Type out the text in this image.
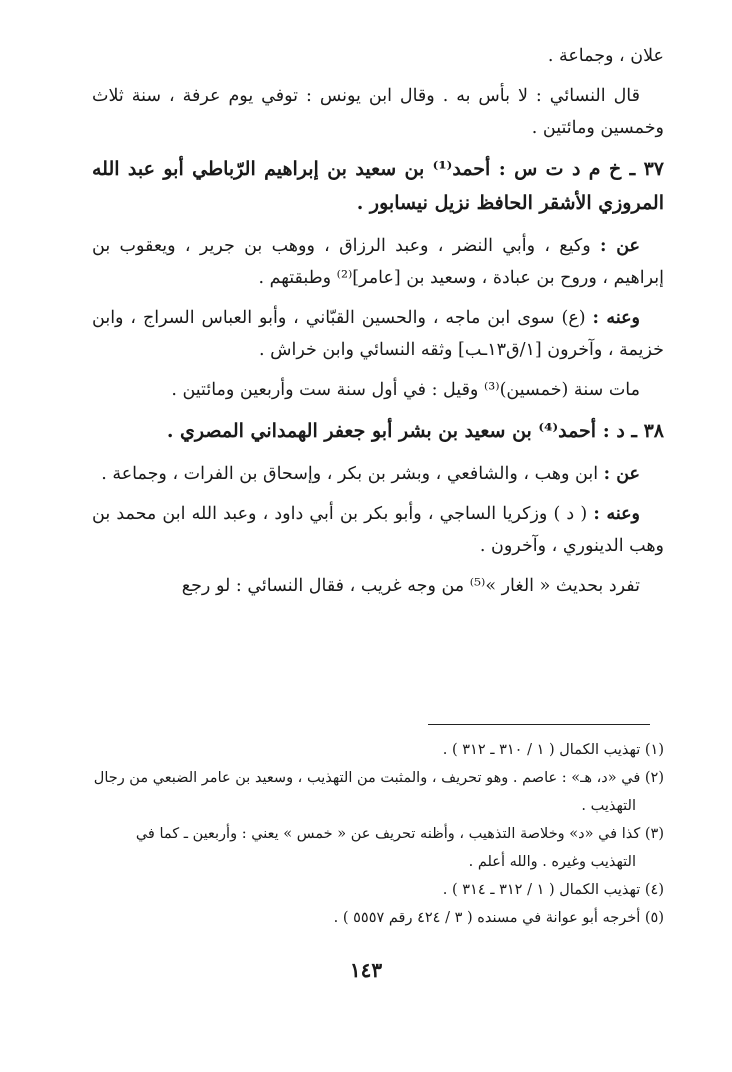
علان ، وجماعة .

قال النسائي : لا بأس به . وقال ابن يونس : توفي يوم عرفة ، سنة ثلاث وخمسين ومائتين .

٣٧ ـ خ م د ت س : أحمد⁽¹⁾ بن سعيد بن إبراهيم الرّباطي أبو عبد الله المروزي الأشقر الحافظ نزيل نيسابور .

عن : وكيع ، وأبي النضر ، وعبد الرزاق ، ووهب بن جرير ، ويعقوب بن إبراهيم ، وروح بن عبادة ، وسعيد بن [عامر]⁽²⁾ وطبقتهم .

وعنه : (ع) سوى ابن ماجه ، والحسين القبّاني ، وأبو العباس السراج ، وابن خزيمة ، وآخرون [١/ق١٣ـب] وثقه النسائي وابن خراش .

مات سنة (خمسين)⁽³⁾ وقيل : في أول سنة ست وأربعين ومائتين .

٣٨ ـ د : أحمد⁽⁴⁾ بن سعيد بن بشر أبو جعفر الهمداني المصري .

عن : ابن وهب ، والشافعي ، وبشر بن بكر ، وإسحاق بن الفرات ، وجماعة .

وعنه : ( د ) وزكريا الساجي ، وأبو بكر بن أبي داود ، وعبد الله ابن محمد بن وهب الدينوري ، وآخرون .

تفرد بحديث « الغار »⁽⁵⁾ من وجه غريب ، فقال النسائي : لو رجع

(١) تهذيب الكمال ( ١ / ٣١٠ ـ ٣١٢ ) .

(٢) في «د، هـ» : عاصم . وهو تحريف ، والمثبت من التهذيب ، وسعيد بن عامر الضبعي من رجال التهذيب .

(٣) كذا في «د» وخلاصة التذهيب ، وأظنه تحريف عن « خمس » يعني : وأربعين ـ كما في التهذيب وغيره . والله أعلم .

(٤) تهذيب الكمال ( ١ / ٣١٢ ـ ٣١٤ ) .

(٥) أخرجه أبو عوانة في مسنده ( ٣ / ٤٢٤ رقم ٥٥٥٧ ) .

١٤٣
